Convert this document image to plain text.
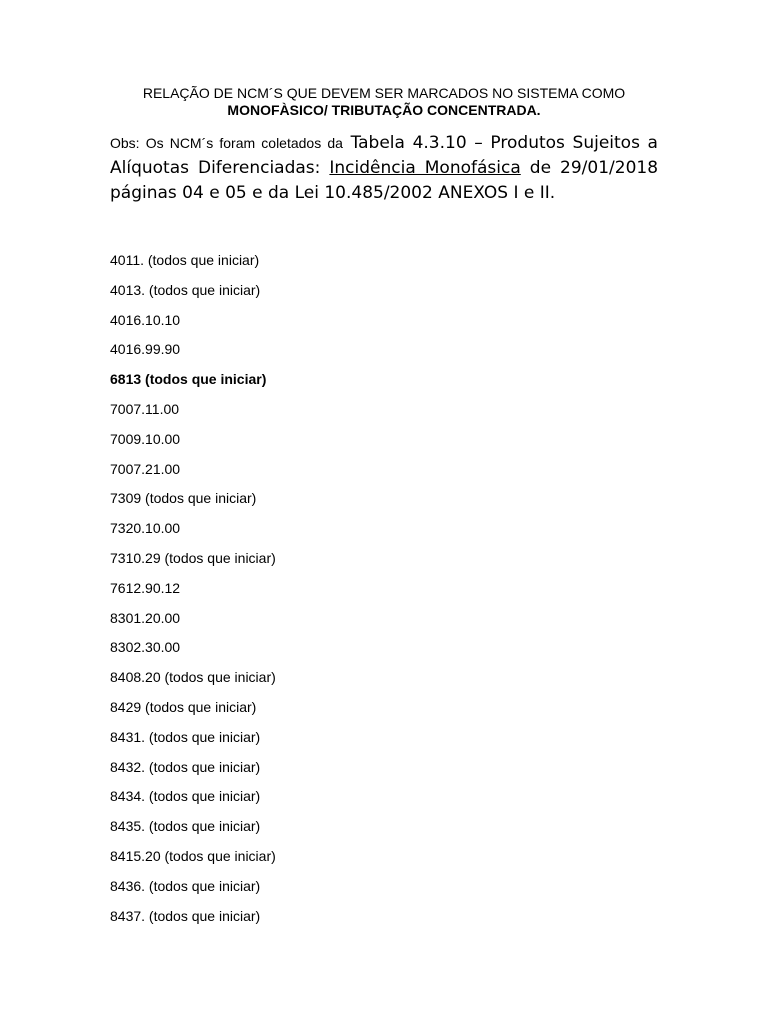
RELAÇÃO DE NCM´S QUE DEVEM SER MARCADOS NO SISTEMA COMO
MONOFÀSICO/ TRIBUTAÇÃO CONCENTRADA.
Obs: Os NCM´s foram coletados da Tabela 4.3.10 – Produtos Sujeitos a Alíquotas Diferenciadas: Incidência Monofásica de 29/01/2018 páginas 04 e 05 e da Lei 10.485/2002 ANEXOS I e II.
4011. (todos que iniciar)
4013. (todos que iniciar)
4016.10.10
4016.99.90
6813 (todos que iniciar)
7007.11.00
7009.10.00
7007.21.00
7309 (todos que iniciar)
7320.10.00
7310.29 (todos que iniciar)
7612.90.12
8301.20.00
8302.30.00
8408.20 (todos que iniciar)
8429 (todos que iniciar)
8431. (todos que iniciar)
8432. (todos que iniciar)
8434. (todos que iniciar)
8435. (todos que iniciar)
8415.20 (todos que iniciar)
8436. (todos que iniciar)
8437. (todos que iniciar)
